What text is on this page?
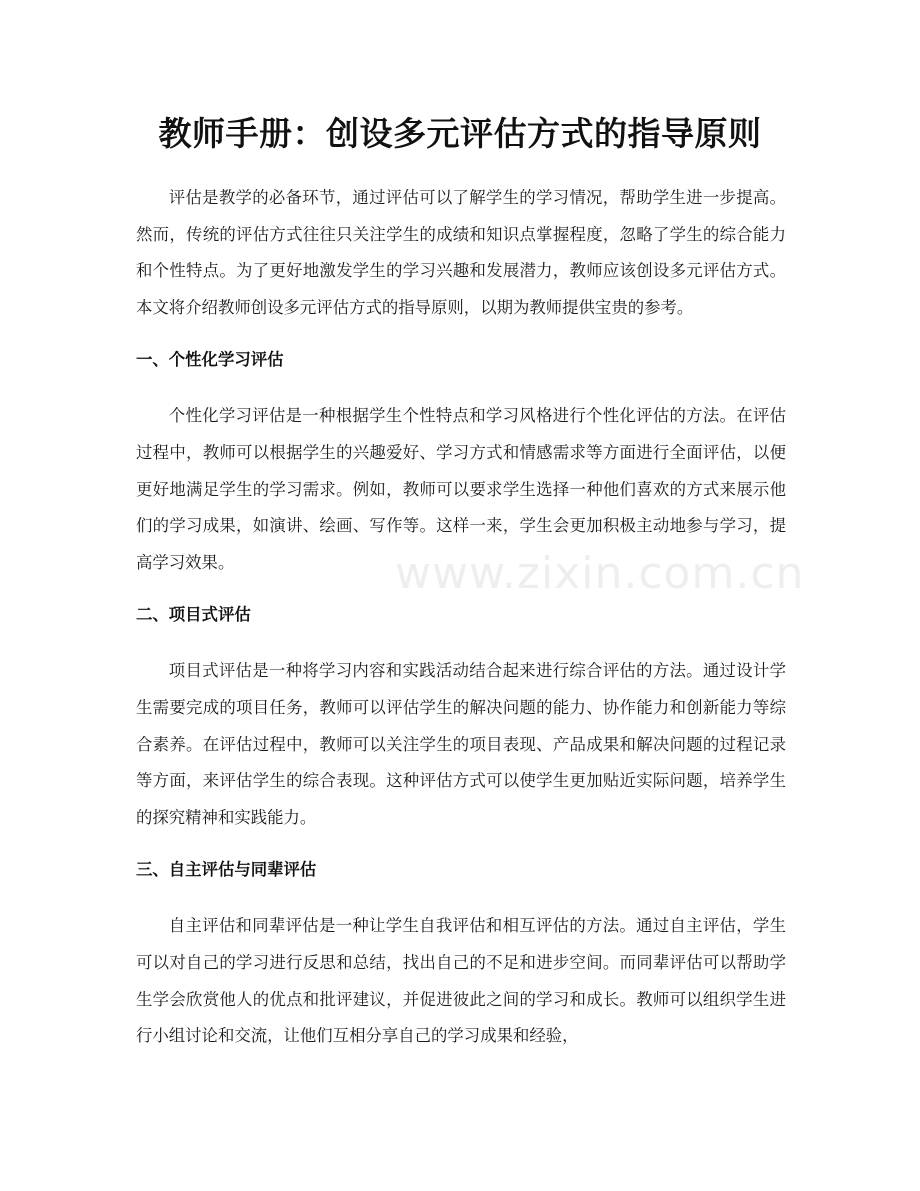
教师手册：创设多元评估方式的指导原则

评估是教学的必备环节，通过评估可以了解学生的学习情况，帮助学生进一步提高。然而，传统的评估方式往往只关注学生的成绩和知识点掌握程度，忽略了学生的综合能力和个性特点。为了更好地激发学生的学习兴趣和发展潜力，教师应该创设多元评估方式。本文将介绍教师创设多元评估方式的指导原则，以期为教师提供宝贵的参考。

一、个性化学习评估

个性化学习评估是一种根据学生个性特点和学习风格进行个性化评估的方法。在评估过程中，教师可以根据学生的兴趣爱好、学习方式和情感需求等方面进行全面评估，以便更好地满足学生的学习需求。例如，教师可以要求学生选择一种他们喜欢的方式来展示他们的学习成果，如演讲、绘画、写作等。这样一来，学生会更加积极主动地参与学习，提高学习效果。

二、项目式评估

项目式评估是一种将学习内容和实践活动结合起来进行综合评估的方法。通过设计学生需要完成的项目任务，教师可以评估学生的解决问题的能力、协作能力和创新能力等综合素养。在评估过程中，教师可以关注学生的项目表现、产品成果和解决问题的过程记录等方面，来评估学生的综合表现。这种评估方式可以使学生更加贴近实际问题，培养学生的探究精神和实践能力。

三、自主评估与同辈评估

自主评估和同辈评估是一种让学生自我评估和相互评估的方法。通过自主评估，学生可以对自己的学习进行反思和总结，找出自己的不足和进步空间。而同辈评估可以帮助学生学会欣赏他人的优点和批评建议，并促进彼此之间的学习和成长。教师可以组织学生进行小组讨论和交流，让他们互相分享自己的学习成果和经验，

www.zixin.com.cn
